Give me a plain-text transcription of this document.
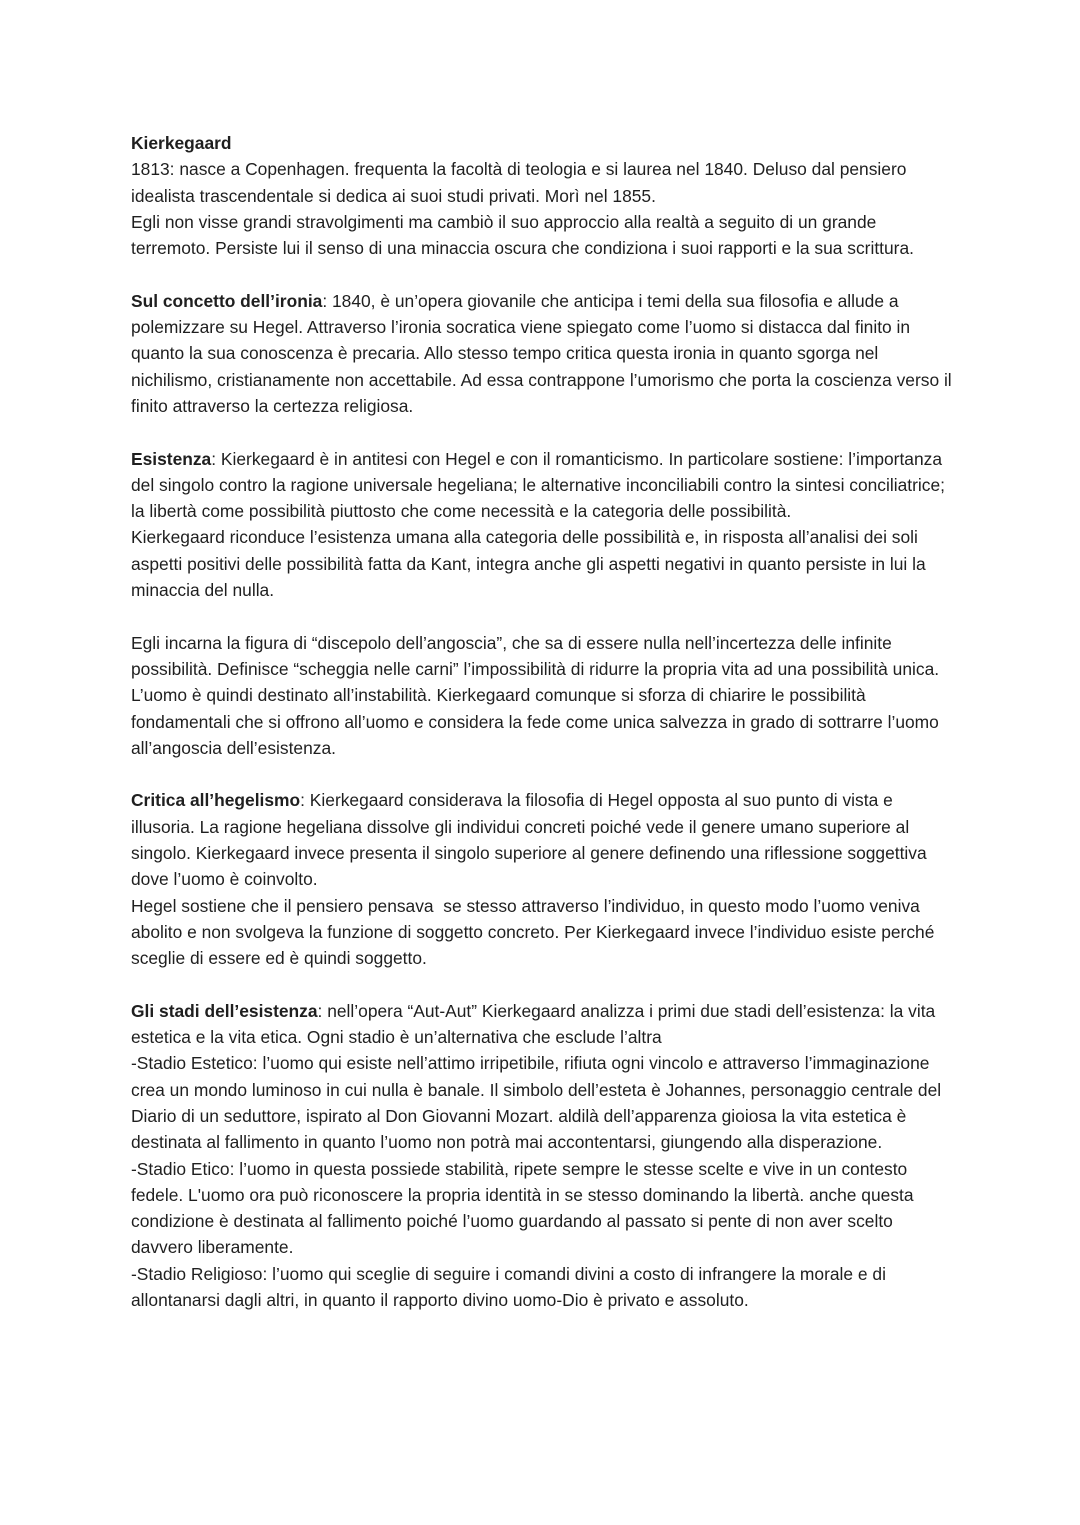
Kierkegaard

1813: nasce a Copenhagen. frequenta la facoltà di teologia e si laurea nel 1840. Deluso dal pensiero idealista trascendentale si dedica ai suoi studi privati. Morì nel 1855.

Egli non visse grandi stravolgimenti ma cambiò il suo approccio alla realtà a seguito di un grande terremoto. Persiste lui il senso di una minaccia oscura che condiziona i suoi rapporti e la sua scrittura.

Sul concetto dell’ironia: 1840, è un’opera giovanile che anticipa i temi della sua filosofia e allude a polemizzare su Hegel. Attraverso l’ironia socratica viene spiegato come l’uomo si distacca dal finito in quanto la sua conoscenza è precaria. Allo stesso tempo critica questa ironia in quanto sgorga nel nichilismo, cristianamente non accettabile. Ad essa contrappone l’umorismo che porta la coscienza verso il finito attraverso la certezza religiosa.

Esistenza: Kierkegaard è in antitesi con Hegel e con il romanticismo. In particolare sostiene: l’importanza del singolo contro la ragione universale hegeliana; le alternative inconciliabili contro la sintesi conciliatrice; la libertà come possibilità piuttosto che come necessità e la categoria delle possibilità.

Kierkegaard riconduce l’esistenza umana alla categoria delle possibilità e, in risposta all’analisi dei soli aspetti positivi delle possibilità fatta da Kant, integra anche gli aspetti negativi in quanto persiste in lui la minaccia del nulla.

Egli incarna la figura di “discepolo dell’angoscia”, che sa di essere nulla nell’incertezza delle infinite possibilità. Definisce “scheggia nelle carni” l’impossibilità di ridurre la propria vita ad una possibilità unica. L’uomo è quindi destinato all’instabilità. Kierkegaard comunque si sforza di chiarire le possibilità fondamentali che si offrono all’uomo e considera la fede come unica salvezza in grado di sottrarre l’uomo all’angoscia dell’esistenza.

Critica all’hegelismo: Kierkegaard considerava la filosofia di Hegel opposta al suo punto di vista e illusoria. La ragione hegeliana dissolve gli individui concreti poiché vede il genere umano superiore al singolo. Kierkegaard invece presenta il singolo superiore al genere definendo una riflessione soggettiva dove l’uomo è coinvolto.

Hegel sostiene che il pensiero pensava  se stesso attraverso l’individuo, in questo modo l’uomo veniva abolito e non svolgeva la funzione di soggetto concreto. Per Kierkegaard invece l’individuo esiste perché sceglie di essere ed è quindi soggetto.

Gli stadi dell’esistenza: nell’opera “Aut-Aut” Kierkegaard analizza i primi due stadi dell’esistenza: la vita estetica e la vita etica. Ogni stadio è un’alternativa che esclude l’altra

-Stadio Estetico: l’uomo qui esiste nell’attimo irripetibile, rifiuta ogni vincolo e attraverso l’immaginazione crea un mondo luminoso in cui nulla è banale. Il simbolo dell’esteta è Johannes, personaggio centrale del Diario di un seduttore, ispirato al Don Giovanni Mozart. aldilà dell’apparenza gioiosa la vita estetica è destinata al fallimento in quanto l’uomo non potrà mai accontentarsi, giungendo alla disperazione.

-Stadio Etico: l’uomo in questa possiede stabilità, ripete sempre le stesse scelte e vive in un contesto fedele. L'uomo ora può riconoscere la propria identità in se stesso dominando la libertà. anche questa condizione è destinata al fallimento poiché l’uomo guardando al passato si pente di non aver scelto davvero liberamente.

-Stadio Religioso: l’uomo qui sceglie di seguire i comandi divini a costo di infrangere la morale e di allontanarsi dagli altri, in quanto il rapporto divino uomo-Dio è privato e assoluto.
